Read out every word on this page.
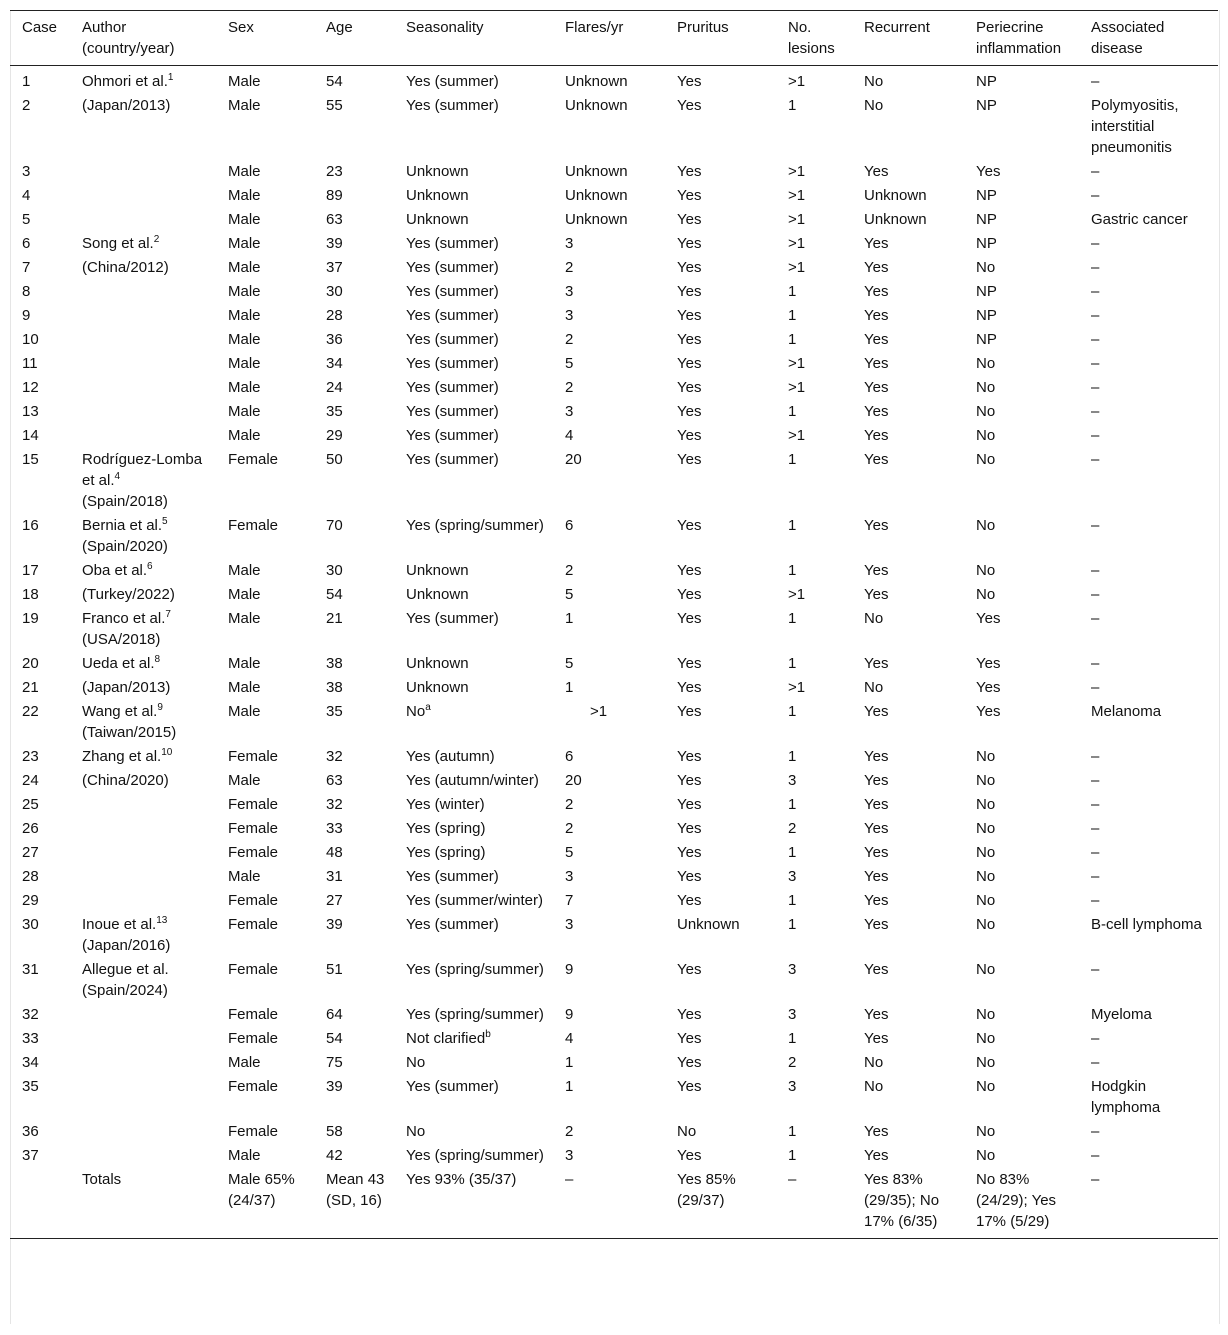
Case	Author (country/year)	Sex	Age	Seasonality	Flares/yr	Pruritus	No. lesions	Recurrent	Periecrine inflammation	Associated disease
1	Ohmori et al.$^1$	Male	54	Yes (summer)	Unknown	Yes	>1	No	NP	–
2	(Japan/2013)	Male	55	Yes (summer)	Unknown	Yes	1	No	NP	Polymyositis, interstitial pneumonitis
3		Male	23	Unknown	Unknown	Yes	>1	Yes	Yes	–
4		Male	89	Unknown	Unknown	Yes	>1	Unknown	NP	–
5		Male	63	Unknown	Unknown	Yes	>1	Unknown	NP	Gastric cancer
6	Song et al.$^2$	Male	39	Yes (summer)	3	Yes	>1	Yes	NP	–
7	(China/2012)	Male	37	Yes (summer)	2	Yes	>1	Yes	No	–
8		Male	30	Yes (summer)	3	Yes	1	Yes	NP	–
9		Male	28	Yes (summer)	3	Yes	1	Yes	NP	–
10		Male	36	Yes (summer)	2	Yes	1	Yes	NP	–
11		Male	34	Yes (summer)	5	Yes	>1	Yes	No	–
12		Male	24	Yes (summer)	2	Yes	>1	Yes	No	–
13		Male	35	Yes (summer)	3	Yes	1	Yes	No	–
14		Male	29	Yes (summer)	4	Yes	>1	Yes	No	–
15	Rodríguez-Lomba et al.$^4$
(Spain/2018)	Female	50	Yes (summer)	20	Yes	1	Yes	No	–
16	Bernia et al.$^5$
(Spain/2020)	Female	70	Yes (spring/summer)	6	Yes	1	Yes	No	–
17	Oba et al.$^6$	Male	30	Unknown	2	Yes	1	Yes	No	–
18	(Turkey/2022)	Male	54	Unknown	5	Yes	>1	Yes	No	–
19	Franco et al.$^7$
(USA/2018)	Male	21	Yes (summer)	1	Yes	1	No	Yes	–
20	Ueda et al.$^8$	Male	38	Unknown	5	Yes	1	Yes	Yes	–
21	(Japan/2013)	Male	38	Unknown	1	Yes	>1	No	Yes	–
22	Wang et al.$^9$
(Taiwan/2015)	Male	35	No$^a$	>1	Yes	1	Yes	Yes	Melanoma
23	Zhang et al.$^{10}$	Female	32	Yes (autumn)	6	Yes	1	Yes	No	–
24	(China/2020)	Male	63	Yes (autumn/winter)	20	Yes	3	Yes	No	–
25		Female	32	Yes (winter)	2	Yes	1	Yes	No	–
26		Female	33	Yes (spring)	2	Yes	2	Yes	No	–
27		Female	48	Yes (spring)	5	Yes	1	Yes	No	–
28		Male	31	Yes (summer)	3	Yes	3	Yes	No	–
29		Female	27	Yes (summer/winter)	7	Yes	1	Yes	No	–
30	Inoue et al.$^{13}$
(Japan/2016)	Female	39	Yes (summer)	3	Unknown	1	Yes	No	B-cell lymphoma
31	Allegue et al.
(Spain/2024)	Female	51	Yes (spring/summer)	9	Yes	3	Yes	No	–
32		Female	64	Yes (spring/summer)	9	Yes	3	Yes	No	Myeloma
33		Female	54	Not clarified$^b$	4	Yes	1	Yes	No	–
34		Male	75	No	1	Yes	2	No	No	–
35		Female	39	Yes (summer)	1	Yes	3	No	No	Hodgkin lymphoma
36		Female	58	No	2	No	1	Yes	No	–
37		Male	42	Yes (spring/summer)	3	Yes	1	Yes	No	–
	Totals	Male 65% (24/37)	Mean 43 (SD, 16)	Yes 93% (35/37)	–	Yes 85% (29/37)	–	Yes 83% (29/35); No 17% (6/35)	No 83% (24/29); Yes 17% (5/29)	–
